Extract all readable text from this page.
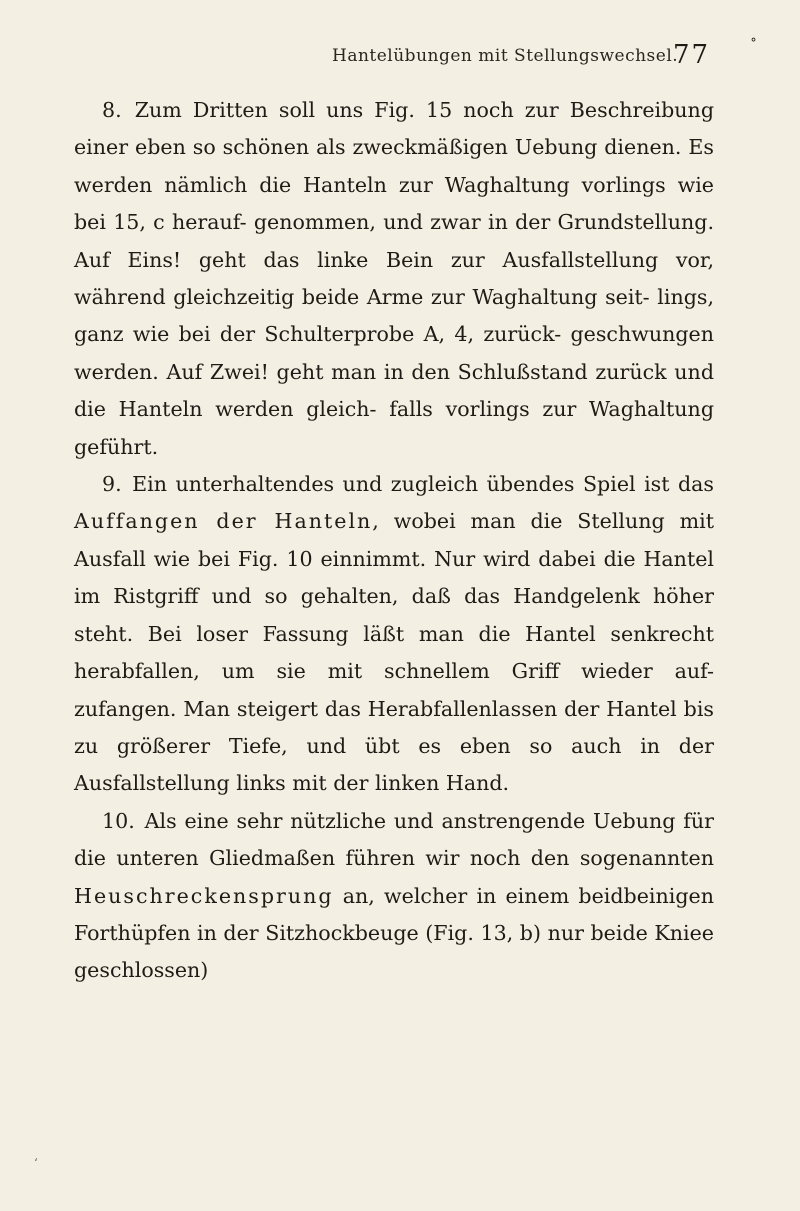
Hantelübungen mit Stellungswechsel.
77	˚

8. Zum Dritten soll uns Fig. 15 noch zur Beschreibung einer eben so schönen als zweckmäßigen Uebung dienen. Es werden nämlich die Hanteln zur Waghaltung vorlings wie bei 15, c herauf- genommen, und zwar in der Grundstellung. Auf Eins! geht das linke Bein zur Ausfallstellung vor, während gleichzeitig beide Arme zur Waghaltung seit- lings, ganz wie bei der Schulterprobe A, 4, zurück- geschwungen werden. Auf Zwei! geht man in den Schlußstand zurück und die Hanteln werden gleich- falls vorlings zur Waghaltung geführt.

9. Ein unterhaltendes und zugleich übendes Spiel ist das Auffangen der Hanteln, wobei man die Stellung mit Ausfall wie bei Fig. 10 einnimmt. Nur wird dabei die Hantel im Ristgriff und so gehalten, daß das Handgelenk höher steht. Bei loser Fassung läßt man die Hantel senkrecht herabfallen, um sie mit schnellem Griff wieder auf- zufangen. Man steigert das Herabfallenlassen der Hantel bis zu größerer Tiefe, und übt es eben so auch in der Ausfallstellung links mit der linken Hand.

10. Als eine sehr nützliche und anstrengende Uebung für die unteren Gliedmaßen führen wir noch den sogenannten Heuschreckensprung an, welcher in einem beidbeinigen Forthüpfen in der Sitzhockbeuge (Fig. 13, b) nur beide Kniee geschlossen)

ʻ
